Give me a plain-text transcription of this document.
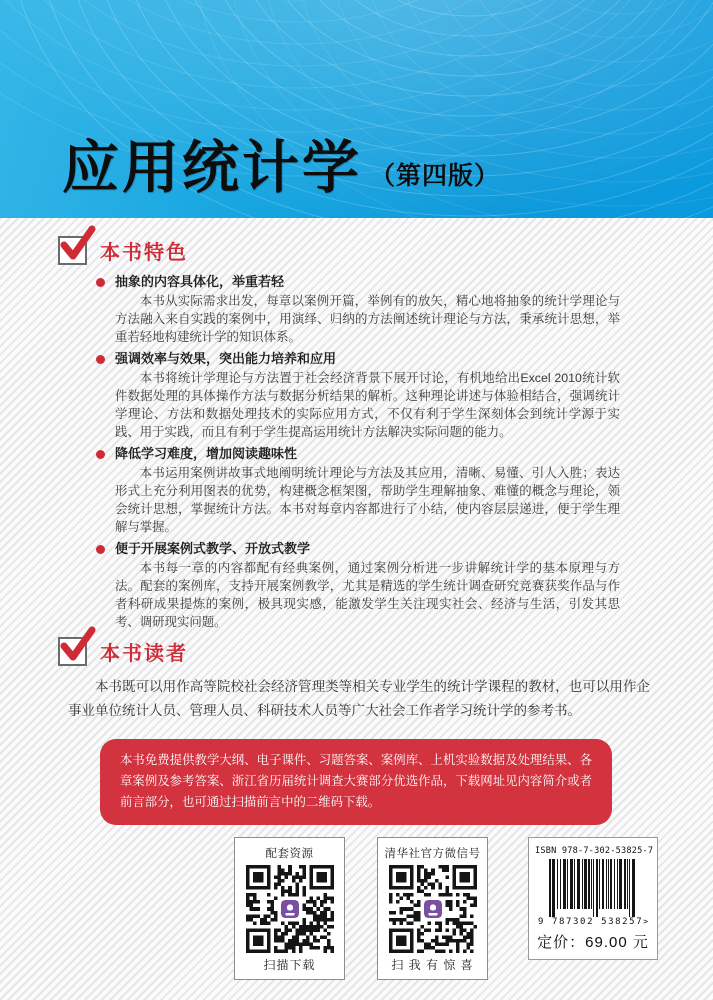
应用统计学 （第四版）
本书特色
抽象的内容具体化，举重若轻
本书从实际需求出发，每章以案例开篇，举例有的放矢，精心地将抽象的统计学理论与方法融入来自实践的案例中，用演绎、归纳的方法阐述统计理论与方法，秉承统计思想，举重若轻地构建统计学的知识体系。
强调效率与效果，突出能力培养和应用
本书将统计学理论与方法置于社会经济背景下展开讨论，有机地给出Excel 2010统计软件数据处理的具体操作方法与数据分析结果的解析。这种理论讲述与体验相结合，强调统计学理论、方法和数据处理技术的实际应用方式，不仅有利于学生深刻体会到统计学源于实践、用于实践，而且有利于学生提高运用统计方法解决实际问题的能力。
降低学习难度，增加阅读趣味性
本书运用案例讲故事式地阐明统计理论与方法及其应用，清晰、易懂、引人入胜；表达形式上充分利用图表的优势，构建概念框架图，帮助学生理解抽象、难懂的概念与理论，领会统计思想，掌握统计方法。本书对每章内容都进行了小结，使内容层层递进，便于学生理解与掌握。
便于开展案例式教学、开放式教学
本书每一章的内容都配有经典案例，通过案例分析进一步讲解统计学的基本原理与方法。配套的案例库，支持开展案例教学，尤其是精选的学生统计调查研究竞赛获奖作品与作者科研成果提炼的案例，极具现实感，能激发学生关注现实社会、经济与生活，引发其思考、调研现实问题。
本书读者
本书既可以用作高等院校社会经济管理类等相关专业学生的统计学课程的教材，也可以用作企事业单位统计人员、管理人员、科研技术人员等广大社会工作者学习统计学的参考书。
本书免费提供教学大纲、电子课件、习题答案、案例库、上机实验数据及处理结果、各章案例及参考答案、浙江省历届统计调查大赛部分优选作品，下载网址见内容简介或者前言部分，也可通过扫描前言中的二维码下载。
配套资源
扫描下载
清华社官方微信号
扫 我 有 惊 喜
ISBN 978-7-302-53825-7
9 787302 538257>
定价：69.00 元
